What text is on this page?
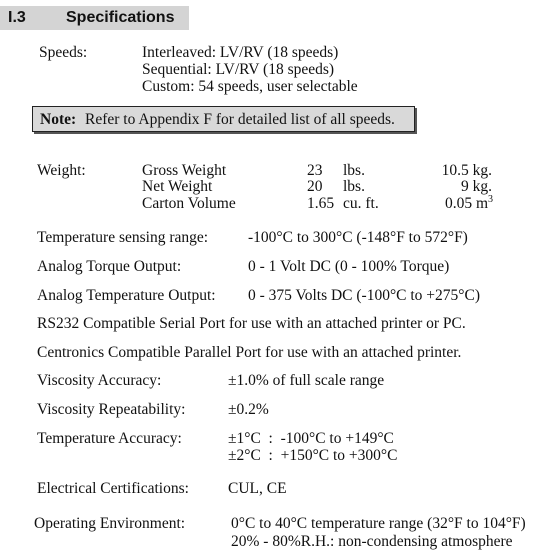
I.3	Specifications
Speeds:	Interleaved: LV/RV (18 speeds)
Sequential: LV/RV (18 speeds)
Custom: 54 speeds, user selectable
Note: Refer to Appendix F for detailed list of all speeds.
Weight:	Gross Weight	23 lbs.	10.5 kg.
Net Weight	20 lbs.	9 kg.
Carton Volume	1.65 cu. ft.	0.05 $m^3$
Temperature sensing range:	-100°C to 300°C (-148°F to 572°F)
Analog Torque Output:	0 - 1 Volt DC (0 - 100% Torque)
Analog Temperature Output: 0 - 375 Volts DC (-100°C to +275°C)
RS232 Compatible Serial Port for use with an attached printer or PC.
Centronics Compatible Parallel Port for use with an attached printer.
Viscosity Accuracy:	±1.0% of full scale range
Viscosity Repeatability:	±0.2%
Temperature Accuracy:	±1°C  :  -100°C to +149°C
±2°C  :  +150°C to +300°C
Electrical Certifications:	CUL, CE
Operating Environment:	0°C to 40°C temperature range (32°F to 104°F)
20% - 80%R.H.: non-condensing atmosphere
